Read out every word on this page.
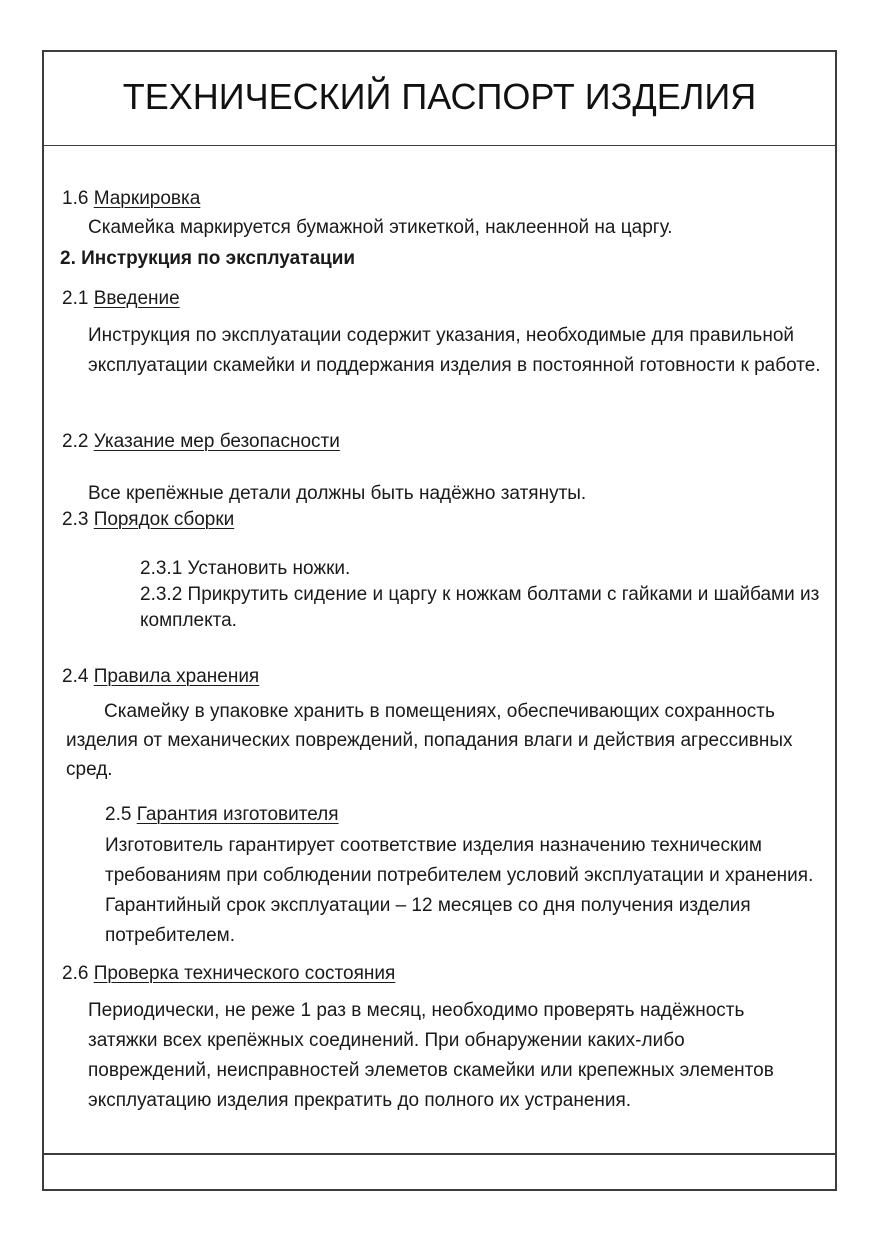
ТЕХНИЧЕСКИЙ ПАСПОРТ ИЗДЕЛИЯ
1.6 Маркировка
Скамейка маркируется бумажной этикеткой, наклеенной на царгу.
2. Инструкция по эксплуатации
2.1 Введение
Инструкция по эксплуатации содержит указания, необходимые для правильной эксплуатации скамейки и поддержания изделия в постоянной готовности к работе.
2.2 Указание мер безопасности
Все крепёжные детали должны быть надёжно затянуты.
2.3 Порядок сборки
2.3.1 Установить ножки.
2.3.2 Прикрутить сидение и царгу к ножкам болтами с гайками и шайбами из комплекта.
2.4 Правила хранения
Скамейку в упаковке хранить в помещениях, обеспечивающих сохранность изделия от механических повреждений, попадания влаги и действия агрессивных сред.
2.5 Гарантия изготовителя
Изготовитель гарантирует соответствие изделия назначению техническим требованиям при соблюдении потребителем условий эксплуатации и хранения. Гарантийный срок эксплуатации – 12 месяцев со дня получения изделия потребителем.
2.6 Проверка технического состояния
Периодически, не реже 1 раз в месяц, необходимо проверять надёжность затяжки всех крепёжных соединений. При обнаружении каких-либо повреждений, неисправностей элеметов скамейки или крепежных элементов эксплуатацию изделия прекратить до полного их устранения.
